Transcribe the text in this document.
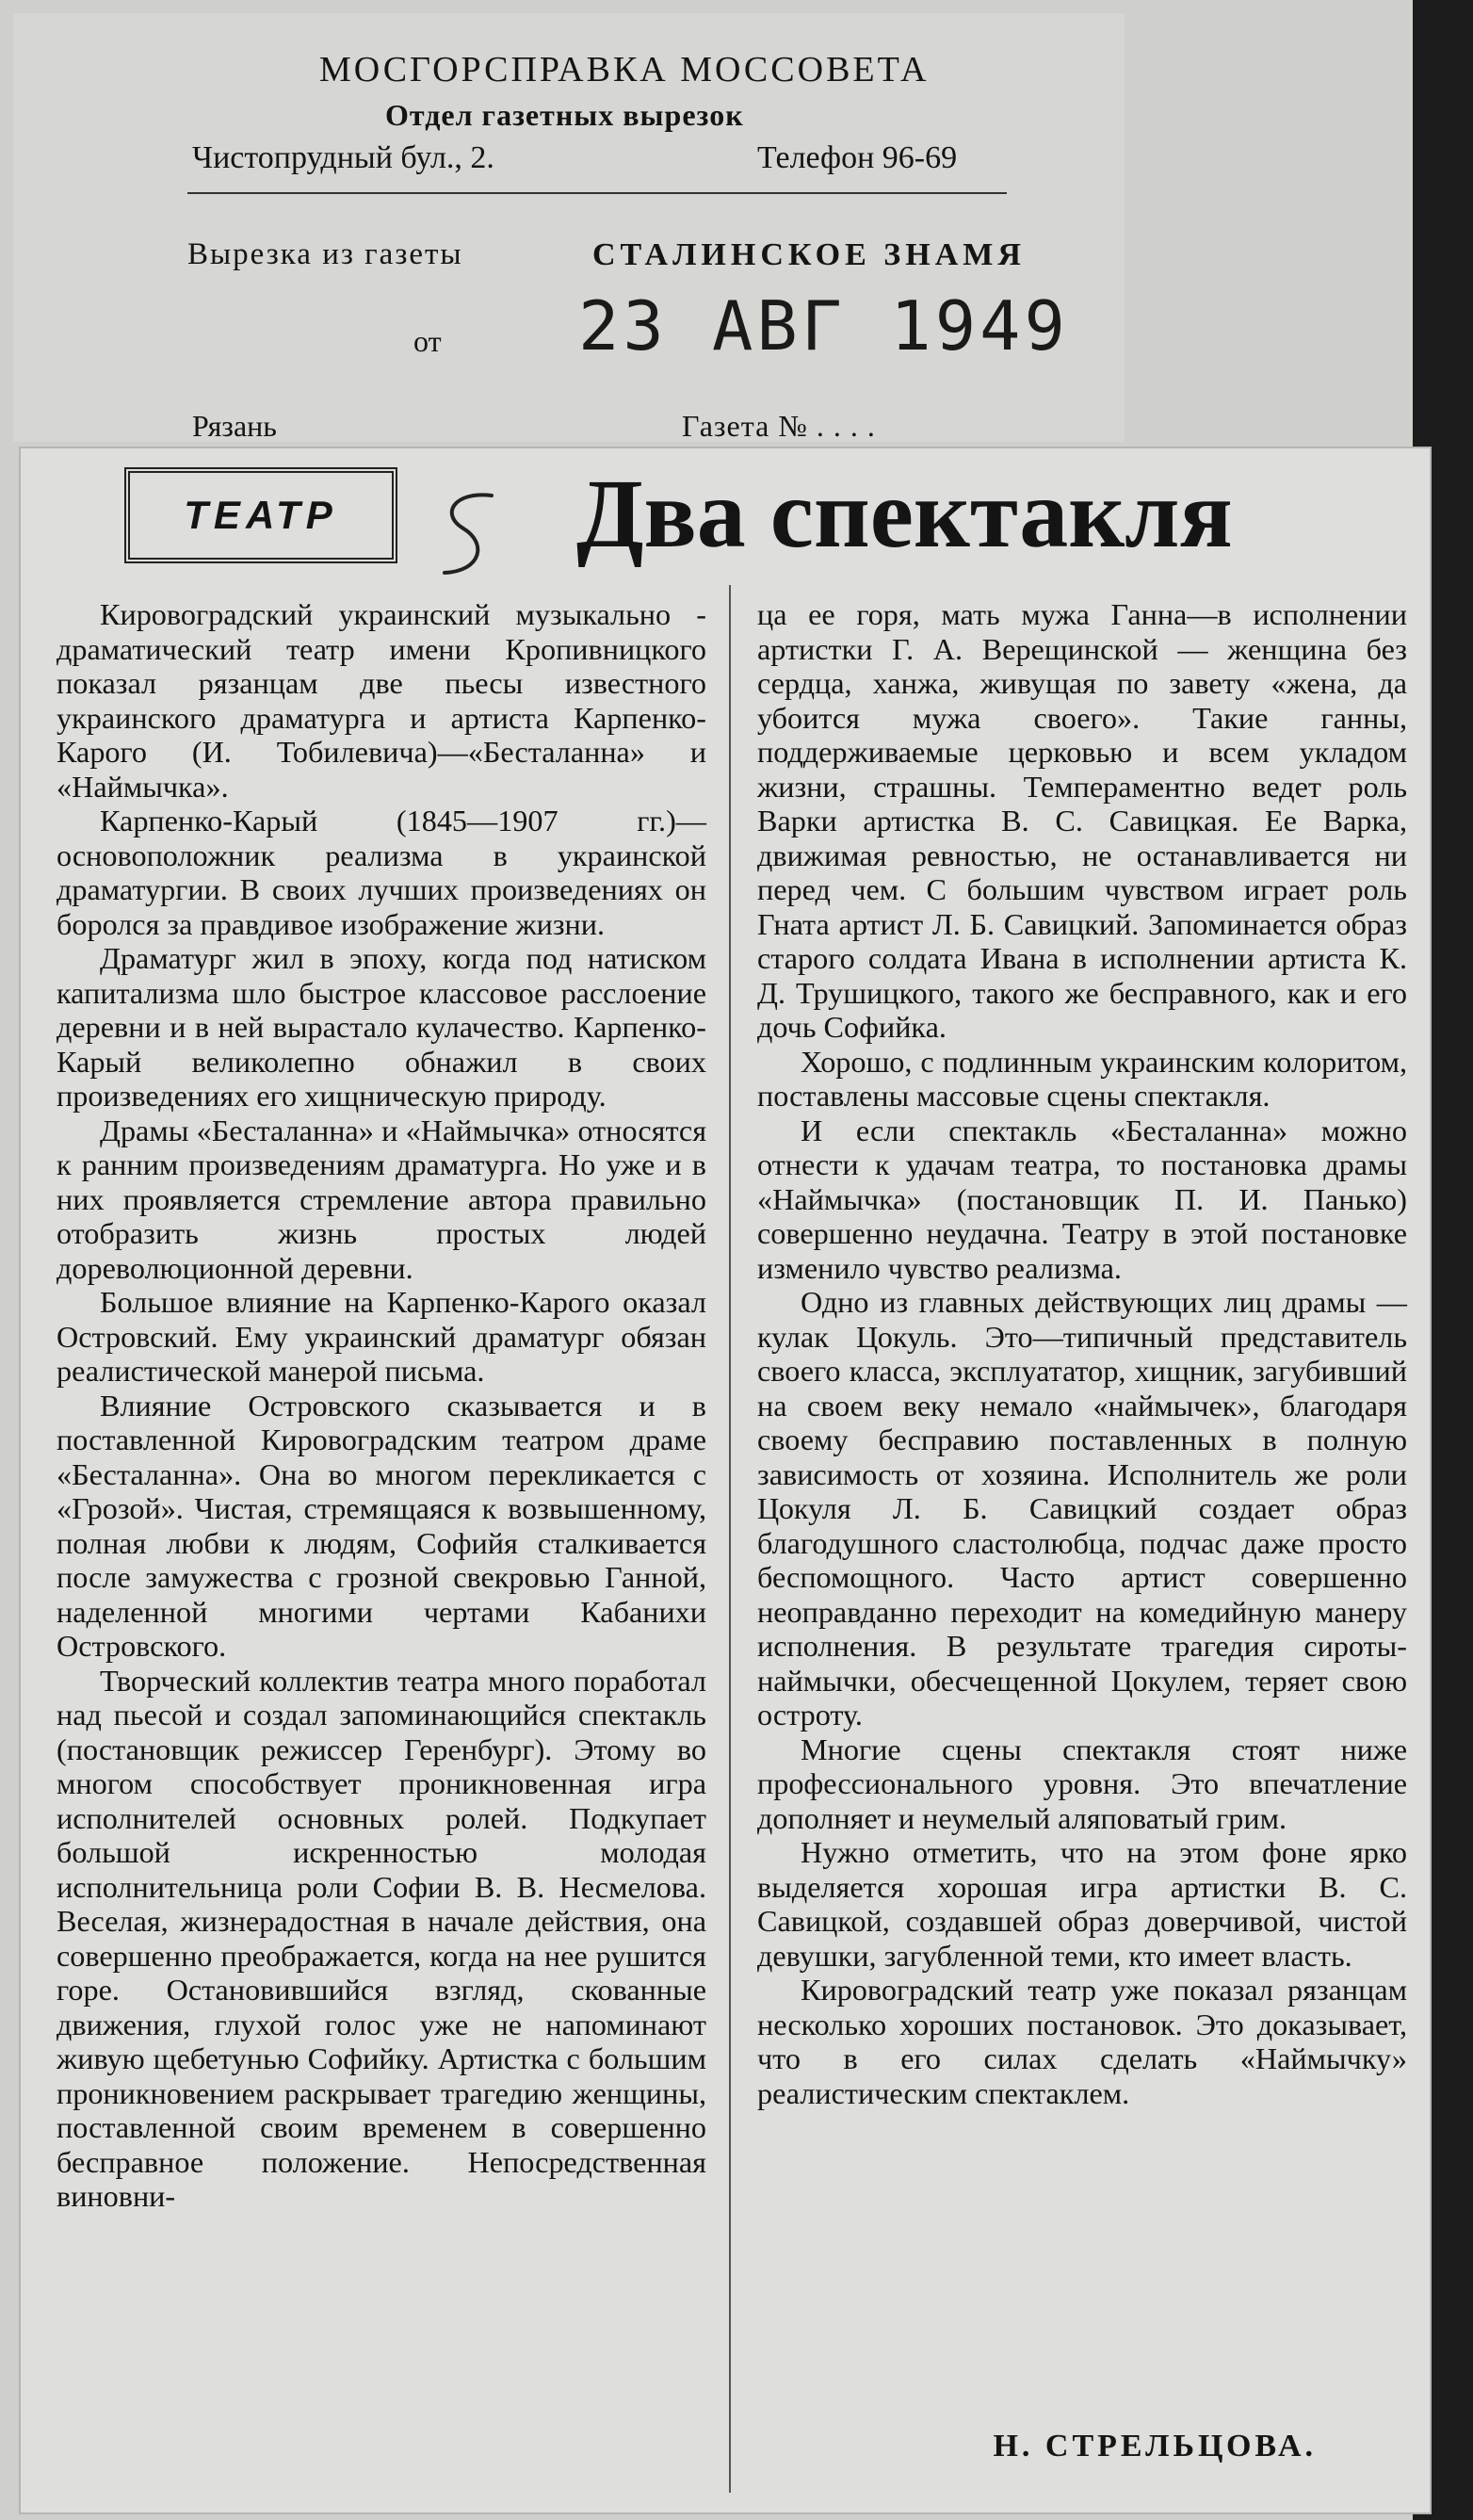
МОСГОРСПРАВКА МОССОВЕТА
Отдел газетных вырезок
Чистопрудный бул., 2.	Телефон 96-69
Вырезка из газеты	СТАЛИНСКОЕ ЗНАМЯ
от 23 АВГ 1949
Рязань	Газета № . . . .
ТЕАТР Два спектакля

Кировоградский украинский музыкально - драматический театр имени Кропивницкого показал рязанцам две пьесы известного украинского драматурга и артиста Карпенко-Карого (И. Тобилевича)—«Бесталанна» и «Наймычка».

Карпенко-Карый (1845—1907 гг.)—основоположник реализма в украинской драматургии. В своих лучших произведениях он боролся за правдивое изображение жизни.

Драматург жил в эпоху, когда под натиском капитализма шло быстрое классовое расслоение деревни и в ней вырастало кулачество. Карпенко-Карый великолепно обнажил в своих произведениях его хищническую природу.

Драмы «Бесталанна» и «Наймычка» относятся к ранним произведениям драматурга. Но уже и в них проявляется стремление автора правильно отобразить жизнь простых людей дореволюционной деревни.

Большое влияние на Карпенко-Карого оказал Островский. Ему украинский драматург обязан реалистической манерой письма.

Влияние Островского сказывается и в поставленной Кировоградским театром драме «Бесталанна». Она во многом перекликается с «Грозой». Чистая, стремящаяся к возвышенному, полная любви к людям, Софийя сталкивается после замужества с грозной свекровью Ганной, наделенной многими чертами Кабанихи Островского.

Творческий коллектив театра много поработал над пьесой и создал запоминающийся спектакль (постановщик режиссер Геренбург). Этому во многом способствует проникновенная игра исполнителей основных ролей. Подкупает большой искренностью молодая исполнительница роли Софии В. В. Несмелова. Веселая, жизнерадостная в начале действия, она совершенно преображается, когда на нее рушится горе. Остановившийся взгляд, скованные движения, глухой голос уже не напоминают живую щебетунью Софийку. Артистка с большим проникновением раскрывает трагедию женщины, поставленной своим временем в совершенно бесправное положение. Непосредственная виновни-

ца ее горя, мать мужа Ганна—в исполнении артистки Г. А. Верещинской — женщина без сердца, ханжа, живущая по завету «жена, да убоится мужа своего». Такие ганны, поддерживаемые церковью и всем укладом жизни, страшны. Темпераментно ведет роль Варки артистка В. С. Савицкая. Ее Варка, движимая ревностью, не останавливается ни перед чем. С большим чувством играет роль Гната артист Л. Б. Савицкий. Запоминается образ старого солдата Ивана в исполнении артиста К. Д. Трушицкого, такого же бесправного, как и его дочь Софийка.

Хорошо, с подлинным украинским колоритом, поставлены массовые сцены спектакля.

И если спектакль «Бесталанна» можно отнести к удачам театра, то постановка драмы «Наймычка» (постановщик П. И. Панько) совершенно неудачна. Театру в этой постановке изменило чувство реализма.

Одно из главных действующих лиц драмы — кулак Цокуль. Это—типичный представитель своего класса, эксплуататор, хищник, загубивший на своем веку немало «наймычек», благодаря своему бесправию поставленных в полную зависимость от хозяина. Исполнитель же роли Цокуля Л. Б. Савицкий создает образ благодушного сластолюбца, подчас даже просто беспомощного. Часто артист совершенно неоправданно переходит на комедийную манеру исполнения. В результате трагедия сироты-наймычки, обесчещенной Цокулем, теряет свою остроту.

Многие сцены спектакля стоят ниже профессионального уровня. Это впечатление дополняет и неумелый аляповатый грим.

Нужно отметить, что на этом фоне ярко выделяется хорошая игра артистки В. С. Савицкой, создавшей образ доверчивой, чистой девушки, загубленной теми, кто имеет власть.

Кировоградский театр уже показал рязанцам несколько хороших постановок. Это доказывает, что в его силах сделать «Наймычку» реалистическим спектаклем.

Н. СТРЕЛЬЦОВА.
